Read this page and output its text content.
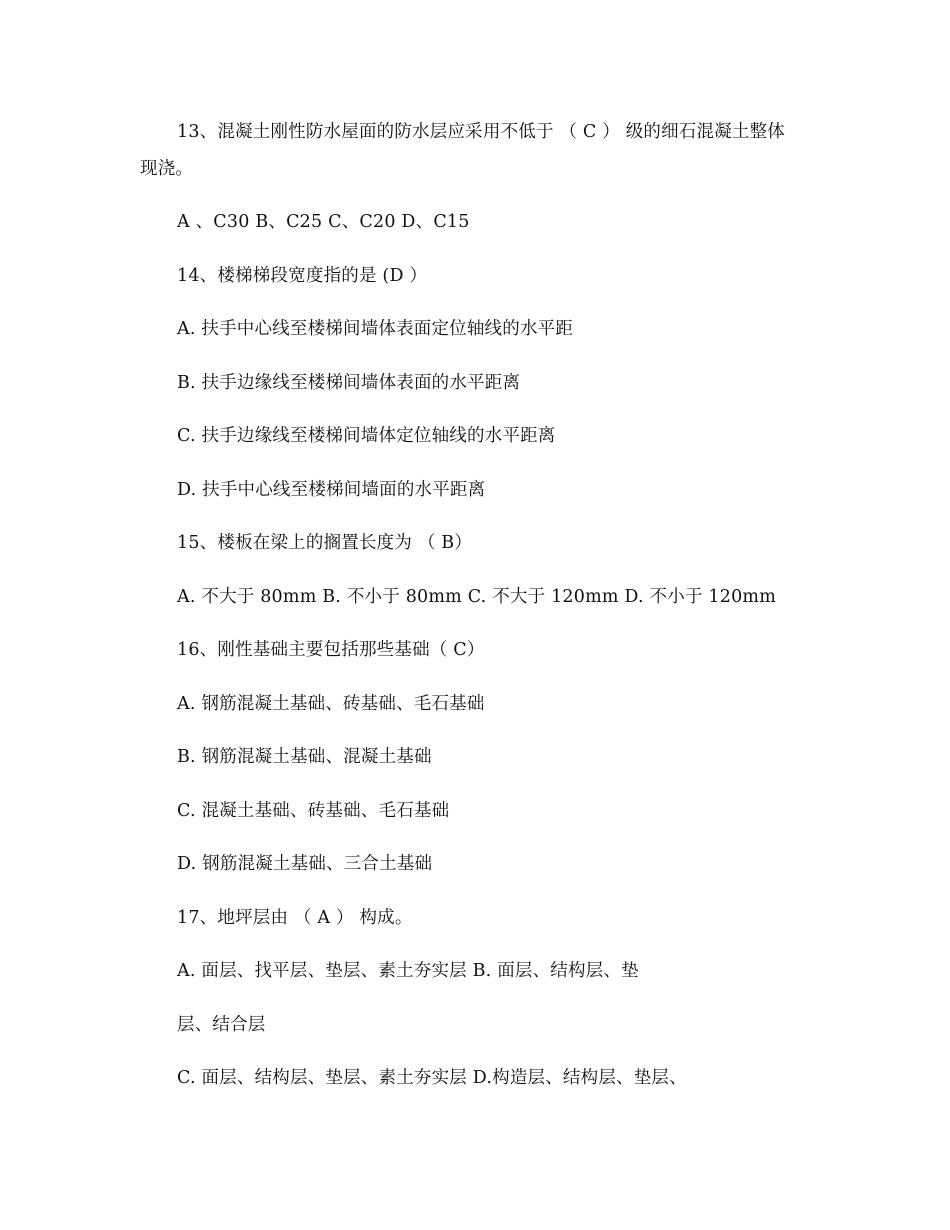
13、混凝土刚性防水屋面的防水层应采用不低于 （ C ） 级的细石混凝土整体
现浇。
A 、C30 B、C25 C、C20 D、C15
14、楼梯梯段宽度指的是 (D ）
A. 扶手中心线至楼梯间墙体表面定位轴线的水平距
B. 扶手边缘线至楼梯间墙体表面的水平距离
C. 扶手边缘线至楼梯间墙体定位轴线的水平距离
D. 扶手中心线至楼梯间墙面的水平距离
15、楼板在梁上的搁置长度为 （ B）
A. 不大于 80mm B. 不小于 80mm C. 不大于 120mm D. 不小于 120mm
16、刚性基础主要包括那些基础（ C）
A. 钢筋混凝土基础、砖基础、毛石基础
B. 钢筋混凝土基础、混凝土基础
C. 混凝土基础、砖基础、毛石基础
D. 钢筋混凝土基础、三合土基础
17、地坪层由 （ A ） 构成。
A. 面层、找平层、垫层、素土夯实层 B. 面层、结构层、垫
层、结合层
C. 面层、结构层、垫层、素土夯实层 D.构造层、结构层、垫层、
